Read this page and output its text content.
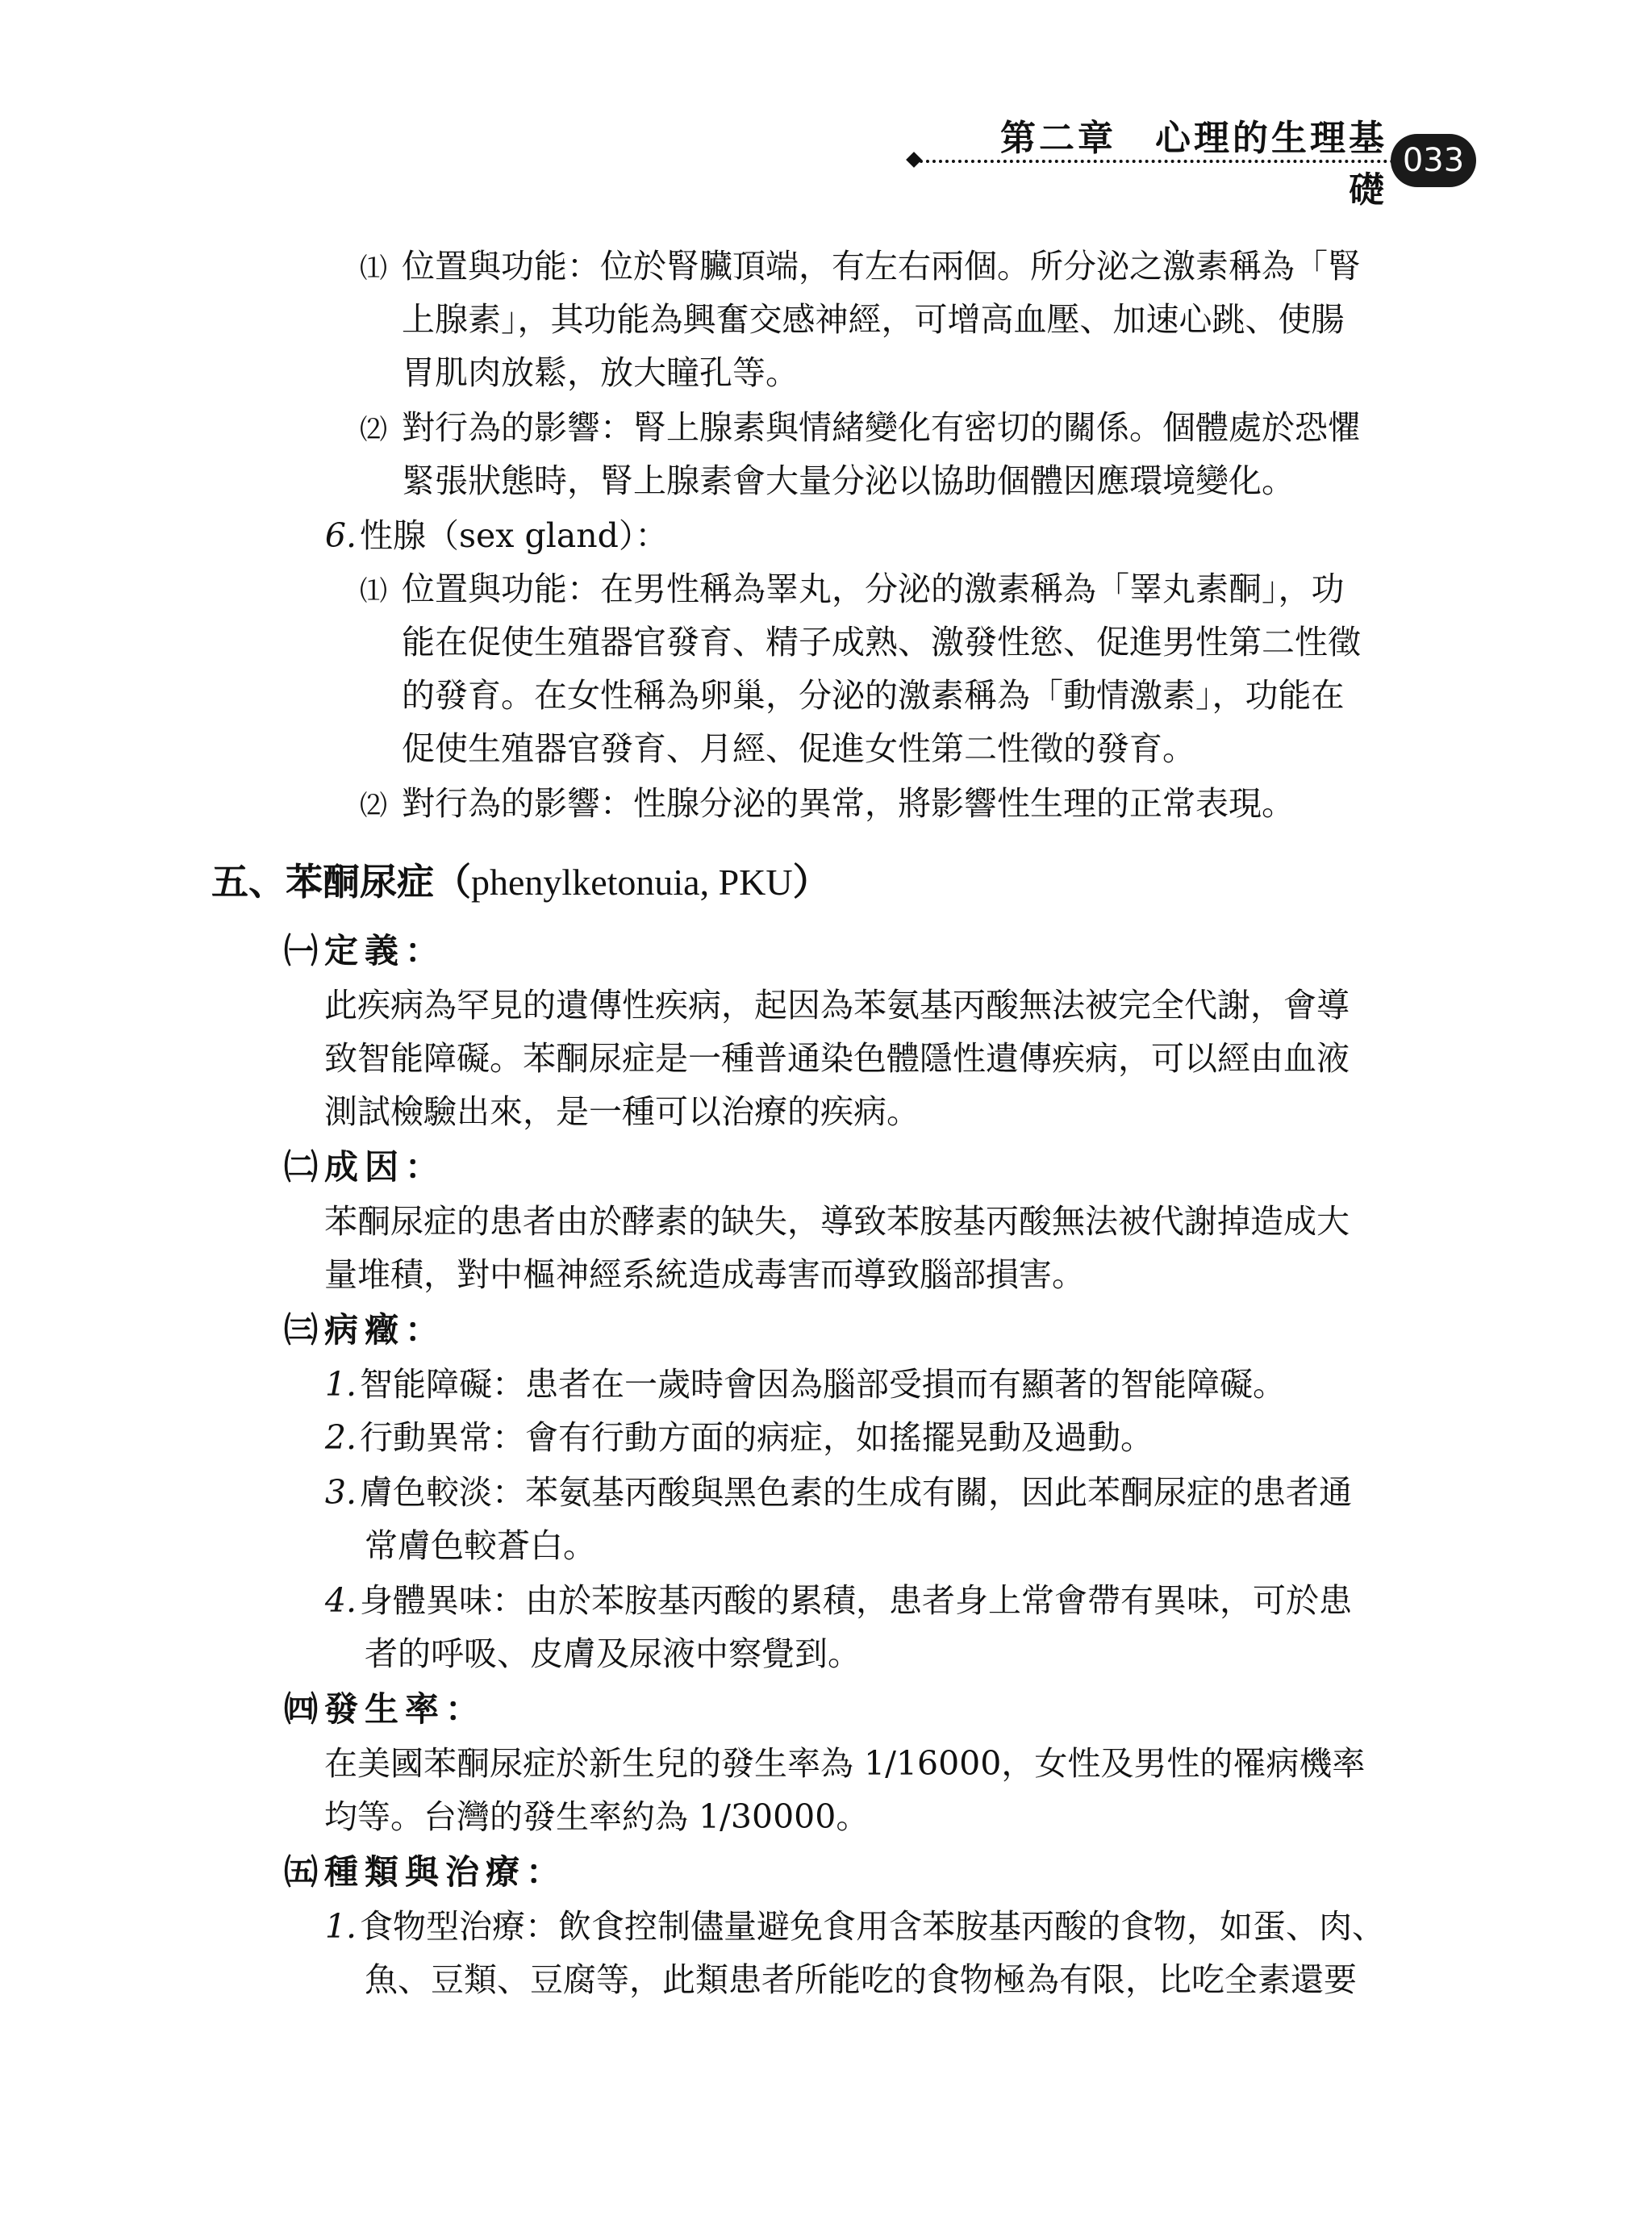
第二章　心理的生理基礎
033

⑴ 位置與功能：位於腎臟頂端，有左右兩個。所分泌之激素稱為「腎

上腺素」，其功能為興奮交感神經，可增高血壓、加速心跳、使腸

胃肌肉放鬆，放大瞳孔等。

⑵ 對行為的影響：腎上腺素與情緒變化有密切的關係。個體處於恐懼

緊張狀態時，腎上腺素會大量分泌以協助個體因應環境變化。

6.性腺（sex gland）：

⑴ 位置與功能：在男性稱為睪丸，分泌的激素稱為「睪丸素酮」，功

能在促使生殖器官發育、精子成熟、激發性慾、促進男性第二性徵

的發育。在女性稱為卵巢，分泌的激素稱為「動情激素」，功能在

促使生殖器官發育、月經、促進女性第二性徵的發育。

⑵ 對行為的影響：性腺分泌的異常，將影響性生理的正常表現。

五、苯酮尿症（phenylketonuia, PKU）

㈠定義：

此疾病為罕見的遺傳性疾病，起因為苯氨基丙酸無法被完全代謝，會導

致智能障礙。苯酮尿症是一種普通染色體隱性遺傳疾病，可以經由血液

測試檢驗出來，是一種可以治療的疾病。

㈡成因：

苯酮尿症的患者由於酵素的缺失，導致苯胺基丙酸無法被代謝掉造成大

量堆積，對中樞神經系統造成毒害而導致腦部損害。

㈢病癥：

1.智能障礙：患者在一歲時會因為腦部受損而有顯著的智能障礙。

2.行動異常：會有行動方面的病症，如搖擺晃動及過動。

3.膚色較淡：苯氨基丙酸與黑色素的生成有關，因此苯酮尿症的患者通

常膚色較蒼白。

4.身體異味：由於苯胺基丙酸的累積，患者身上常會帶有異味，可於患

者的呼吸、皮膚及尿液中察覺到。

㈣發生率：

在美國苯酮尿症於新生兒的發生率為 1/16000，女性及男性的罹病機率

均等。台灣的發生率約為 1/30000。

㈤種類與治療：

1.食物型治療：飲食控制儘量避免食用含苯胺基丙酸的食物，如蛋、肉、

魚、豆類、豆腐等，此類患者所能吃的食物極為有限，比吃全素還要
